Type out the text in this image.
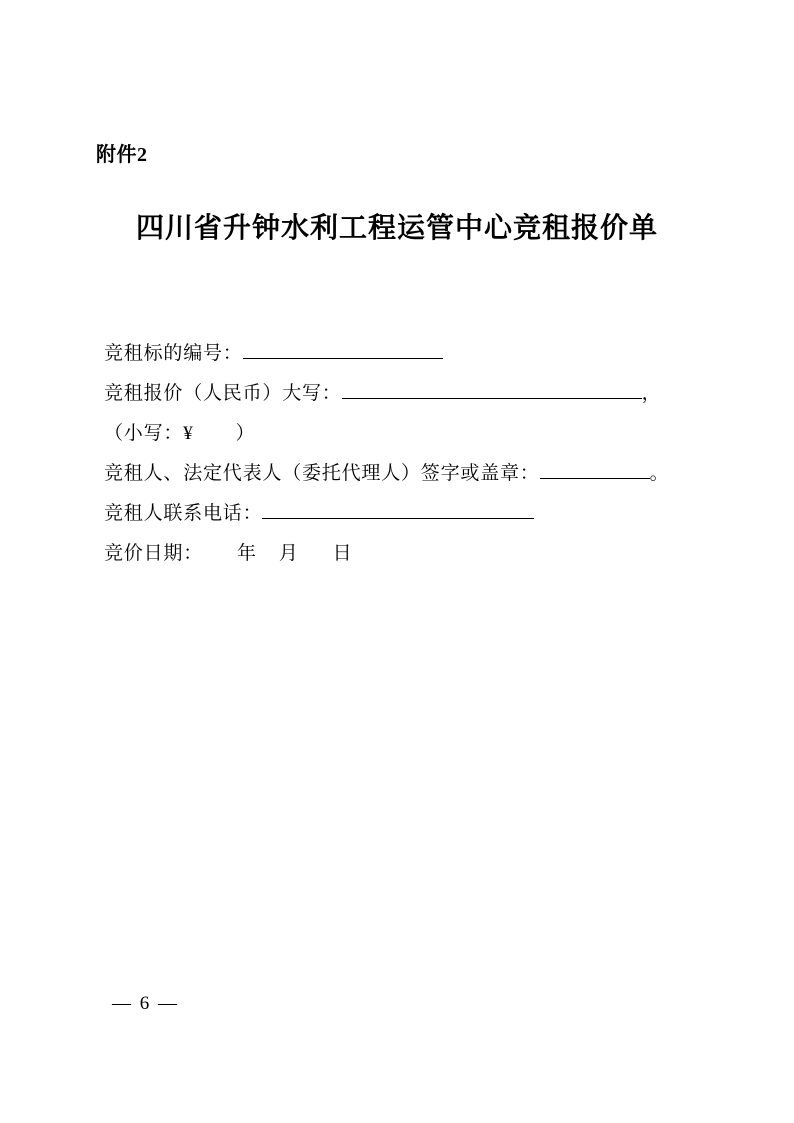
附件2
四川省升钟水利工程运管中心竞租报价单
竞租标的编号：
竞租报价（人民币）大写：	，
（小写：¥ ）
竞租人、法定代表人（委托代理人）签字或盖章：	。
竞租人联系电话：
竞价日期： 年 月 日
— 6 —
